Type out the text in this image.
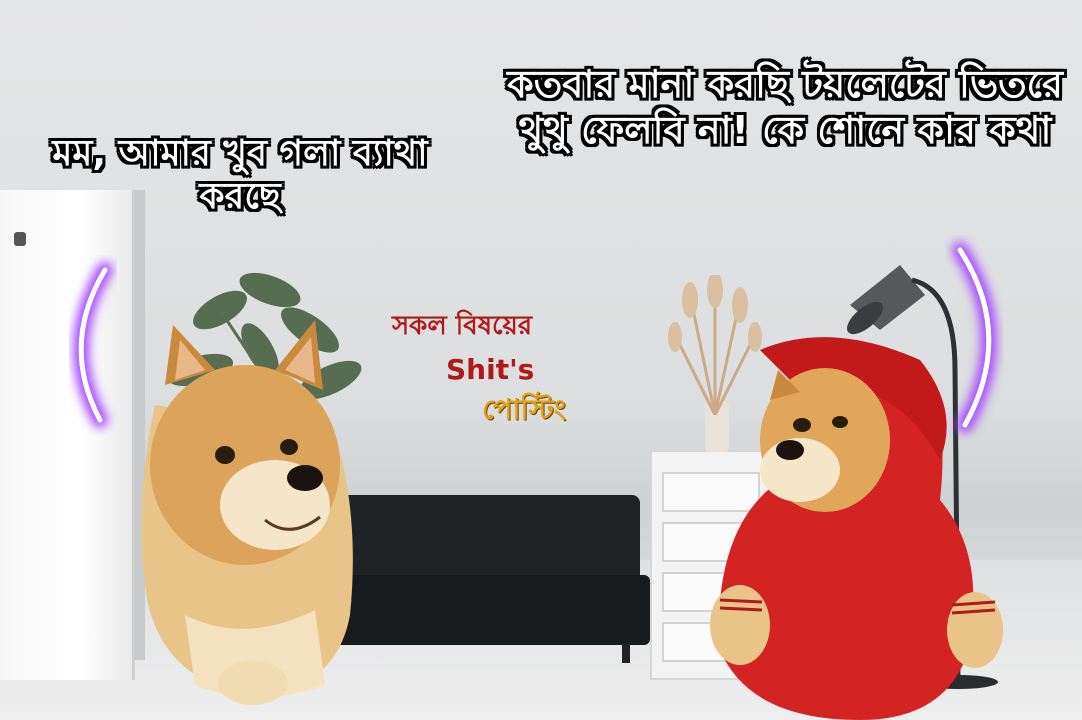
মম, আমার খুব গলা ব্যাথা করছে
কতবার মানা করছি টয়লেটের ভিতরে থুথু ফেলবি না! কে শোনে কার কথা
সকল বিষয়ের
Shit's
পোস্টিং
